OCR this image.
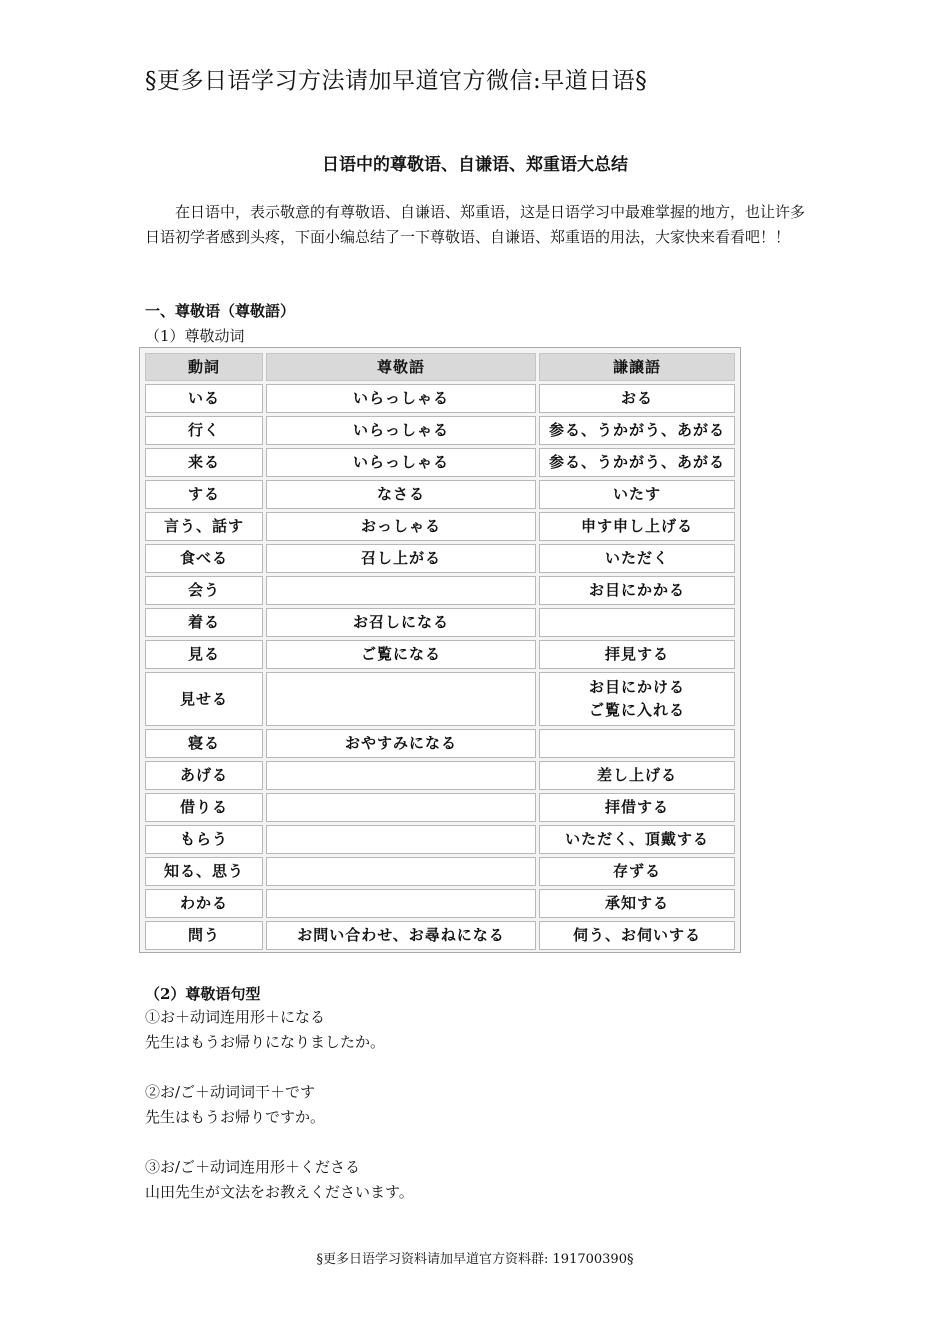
§更多日语学习方法请加早道官方微信:早道日语§
日语中的尊敬语、自谦语、郑重语大总结

在日语中，表示敬意的有尊敬语、自谦语、郑重语，这是日语学习中最难掌握的地方，也让许多日语初学者感到头疼，下面小编总结了一下尊敬语、自谦语、郑重语的用法，大家快来看看吧！！

一、尊敬语（尊敬語）
（1）尊敬动词
動詞	尊敬語	謙譲語
いる	いらっしゃる	おる
行く	いらっしゃる	参る、うかがう、あがる
来る	いらっしゃる	参る、うかがう、あがる
する	なさる	いたす
言う、話す	おっしゃる	申す申し上げる
食べる	召し上がる	いただく
会う		お目にかかる
着る	お召しになる	
見る	ご覧になる	拝見する
見せる		お目にかける
ご覧に入れる
寝る	おやすみになる	
あげる		差し上げる
借りる		拝借する
もらう		いただく、頂戴する
知る、思う		存ずる
わかる		承知する
問う	お問い合わせ、お尋ねになる	伺う、お伺いする
（2）尊敬语句型

①お＋动词连用形＋になる
先生はもうお帰りになりましたか。

②お/ご＋动词词干＋です
先生はもうお帰りですか。

③お/ご＋动词连用形＋くださる
山田先生が文法をお教えくださいます。

§更多日语学习资料请加早道官方资料群: 191700390§
